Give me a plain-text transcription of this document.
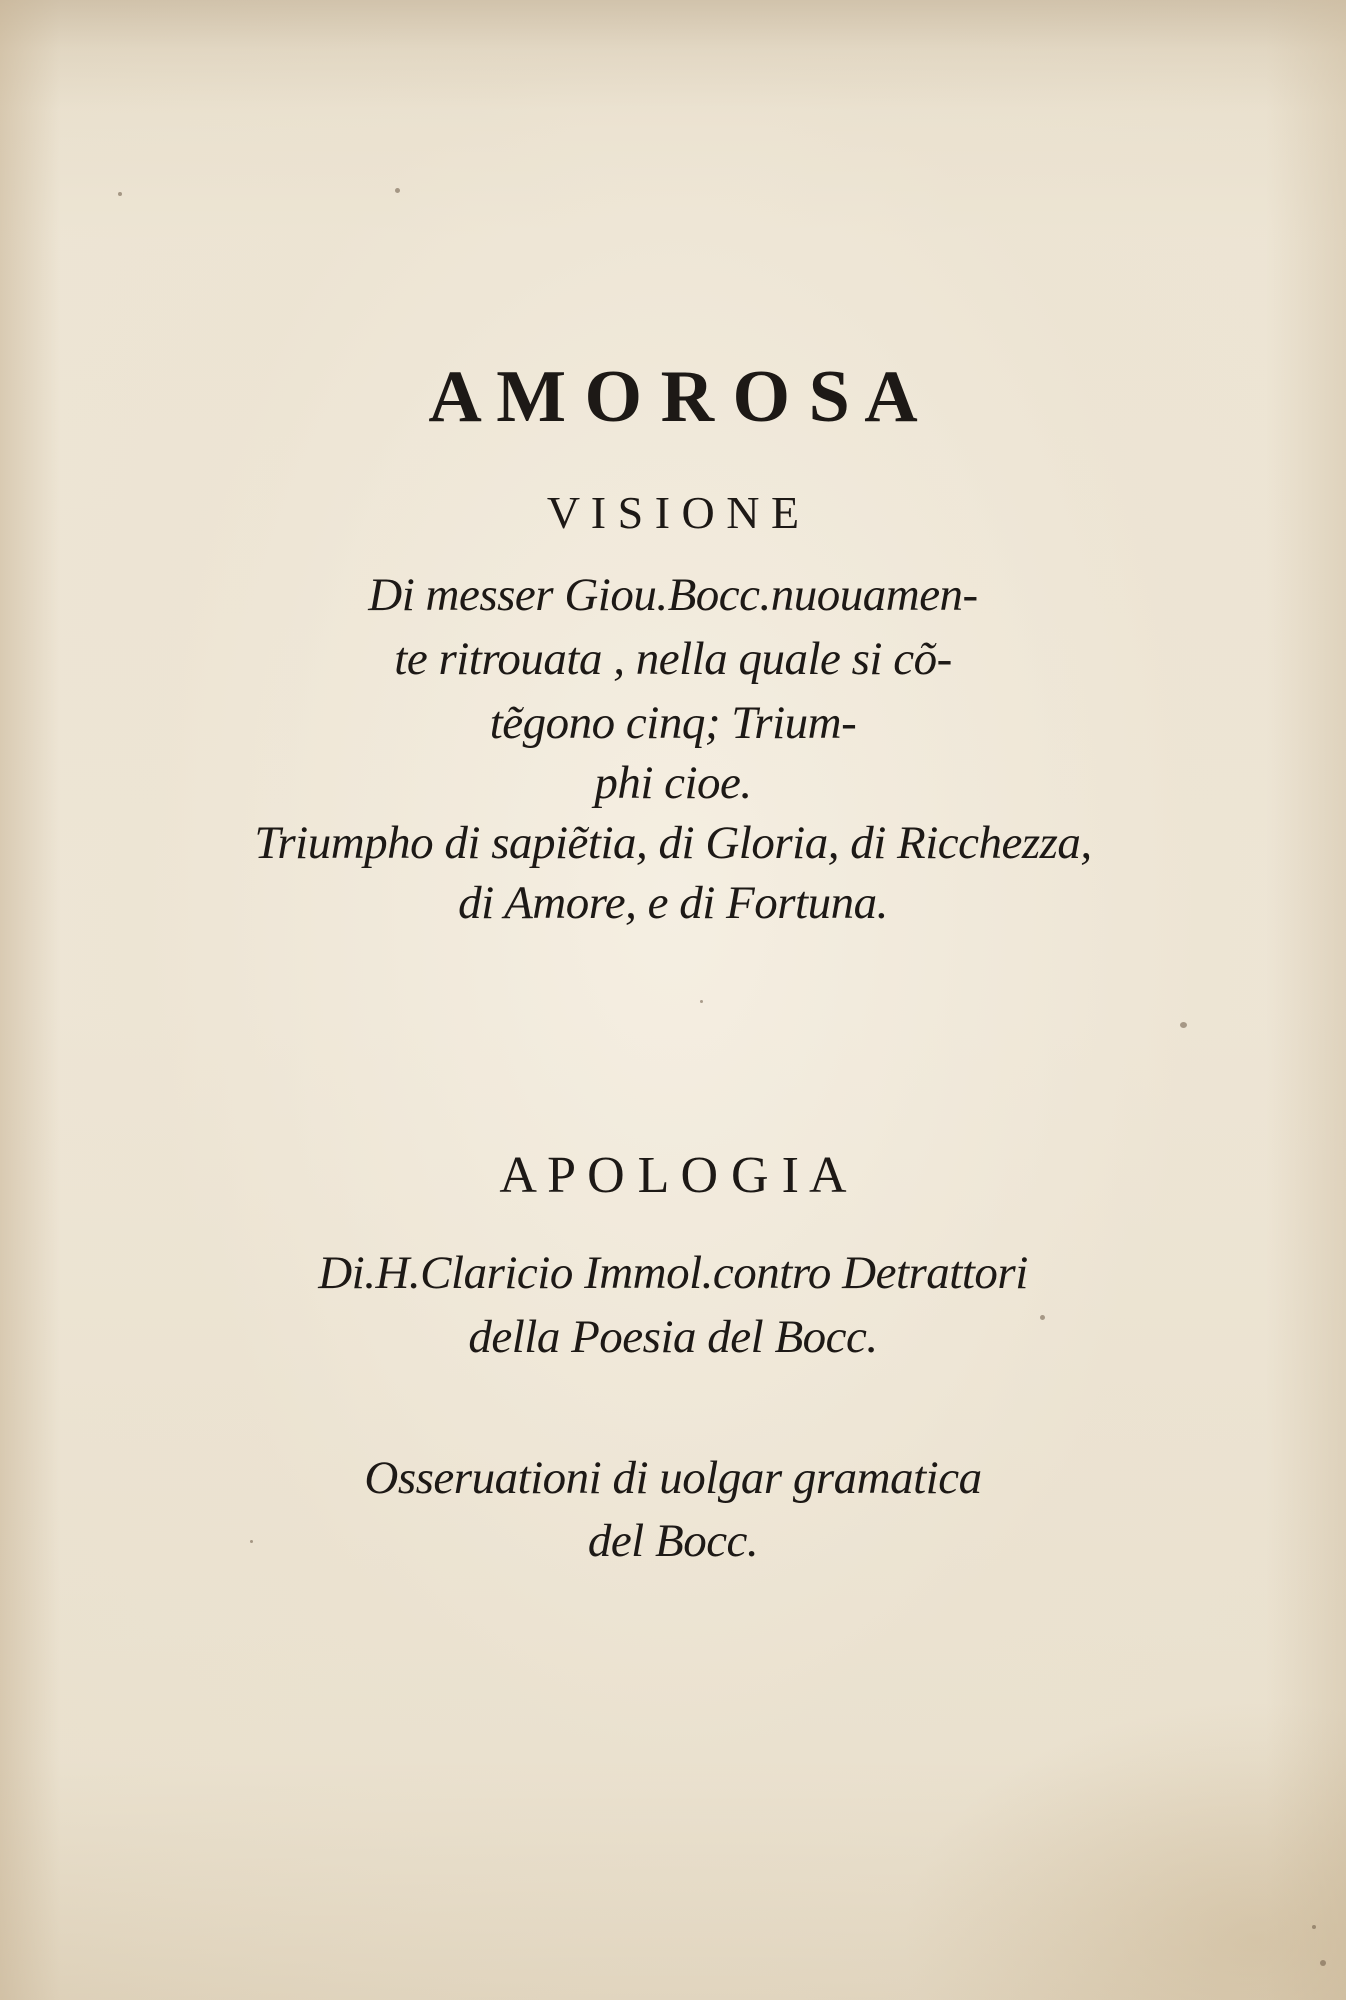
A M O R O S A
V I S I O N E
Di messer Giou.Bocc.nuouamen-
te ritrouata , nella quale si cõ-
tẽgono cinq; Trium-
phi cioe.
Triumpho di sapiẽtia, di Gloria, di Ricchezza,
di Amore, e di Fortuna.
A P O L O G I A
Di.H.Claricio Immol.contro Detrattori
della Poesia del Bocc.
Osseruationi di uolgar gramatica
del Bocc.
